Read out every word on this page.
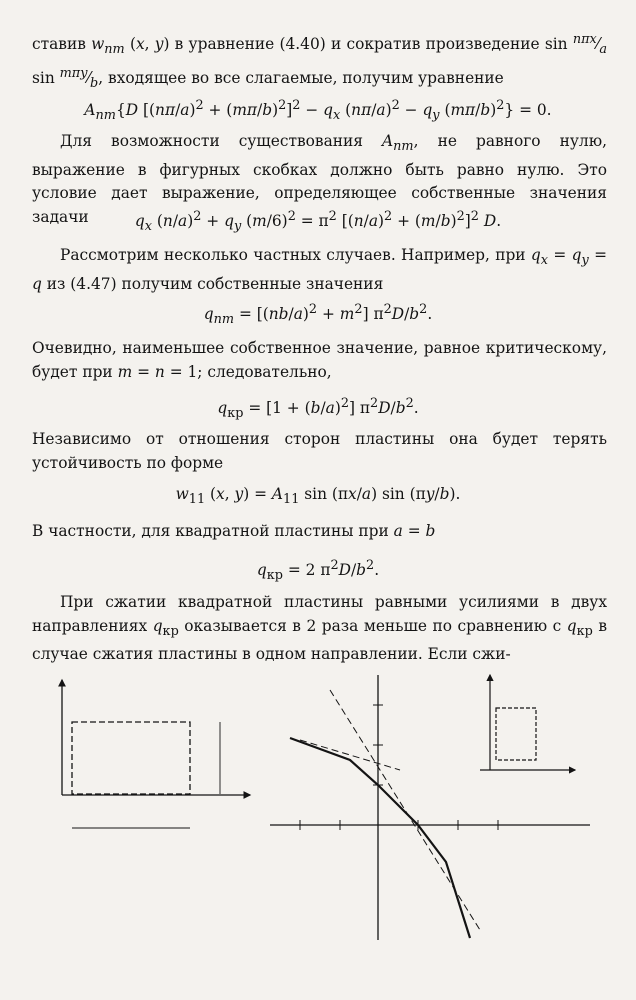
ставив $w_{nm}$ (x, y) в уравнение (4.40) и сократив произведение $\sin ^{n\pi x}⁄_a$ $\sin ^{m\pi y}⁄_b$, входящее во все слагаемые, получим уравнение
$A_{nm}\{D$ $[(n\pi/a)^2 + (m\pi/b)^2]^2 - q_x$ $(n\pi/a)^2 - q_y$ $(m\pi/b)^2\} = 0$.
Для возможности существования $A_{nm}$, не равного нулю, выражение в фигурных скобках должно быть равно нулю. Это условие дает выражение, определяющее собственные значения задачи	$q_x$ $(n/a)^2 + q_y$ $(m/6)^2 = \pi^2$ $[(n/a)^2 + (m/b)^2]^2$ D.
Рассмотрим несколько частных случаев. Например, при $q_x = q_y = q$ из (4.47) получим собственные значения
$q_{nm} = [(nb/a)^2 + m^2]$ $\pi^2D/b^2$.
Очевидно, наименьшее собственное значение, равное критическому, будет при m = n = 1; следовательно,
$q_{кр} = [1 + (b/a)^2]$ $\pi^2D/b^2$.
Независимо от отношения сторон пластины она будет терять устойчивость по форме
$w_{11}$ (x, $y) = A_{11}$ sin (πx/a) sin (πy/b).
В частности, для квадратной пластины при a = b
$q_{кр} = 2$ $\pi^2D/b^2$.
При сжатии квадратной пластины равными усилиями в двух направлениях $q_{кр}$ оказывается в 2 раза меньше по сравнению с $q_{кр}$ в случае сжатия пластины в одном направлении. Если сжи-
